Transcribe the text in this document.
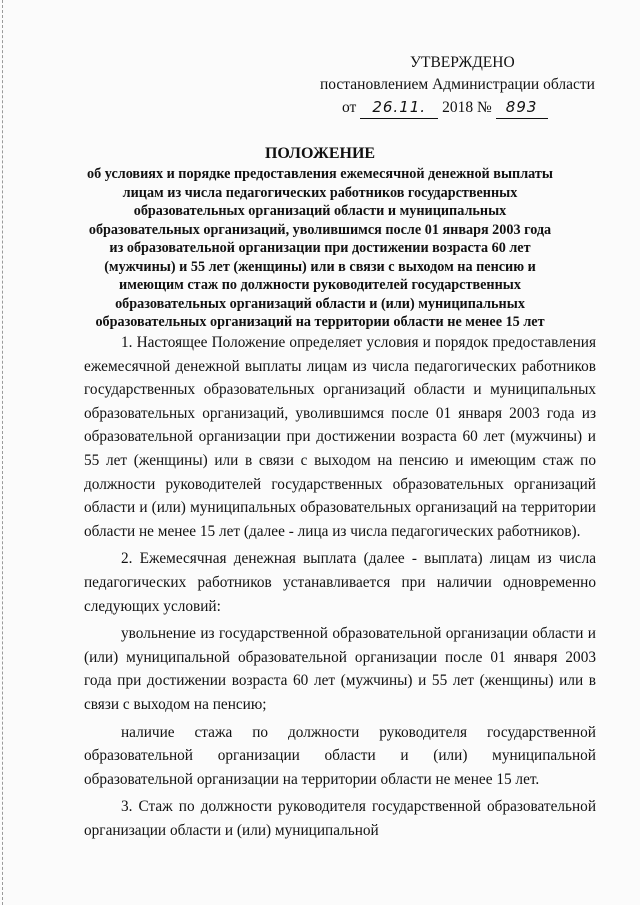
УТВЕРЖДЕНО
постановлением Администрации области
от 26.11. 2018 № 893
ПОЛОЖЕНИЕ
об условиях и порядке предоставления ежемесячной денежной выплаты лицам из числа педагогических работников государственных образовательных организаций области и муниципальных образовательных организаций, уволившимся после 01 января 2003 года из образовательной организации при достижении возраста 60 лет (мужчины) и 55 лет (женщины) или в связи с выходом на пенсию и имеющим стаж по должности руководителей государственных образовательных организаций области и (или) муниципальных образовательных организаций на территории области не менее 15 лет

1. Настоящее Положение определяет условия и порядок предоставления ежемесячной денежной выплаты лицам из числа педагогических работников государственных образовательных организаций области и муниципальных образовательных организаций, уволившимся после 01 января 2003 года из образовательной организации при достижении возраста 60 лет (мужчины) и 55 лет (женщины) или в связи с выходом на пенсию и имеющим стаж по должности руководителей государственных образовательных организаций области и (или) муниципальных образовательных организаций на территории области не менее 15 лет (далее - лица из числа педагогических работников).

2. Ежемесячная денежная выплата (далее - выплата) лицам из числа педагогических работников устанавливается при наличии одновременно следующих условий:

увольнение из государственной образовательной организации области и (или) муниципальной образовательной организации после 01 января 2003 года при достижении возраста 60 лет (мужчины) и 55 лет (женщины) или в связи с выходом на пенсию;

наличие стажа по должности руководителя государственной образовательной организации области и (или) муниципальной образовательной организации на территории области не менее 15 лет.

3. Стаж по должности руководителя государственной образовательной организации области и (или) муниципальной
